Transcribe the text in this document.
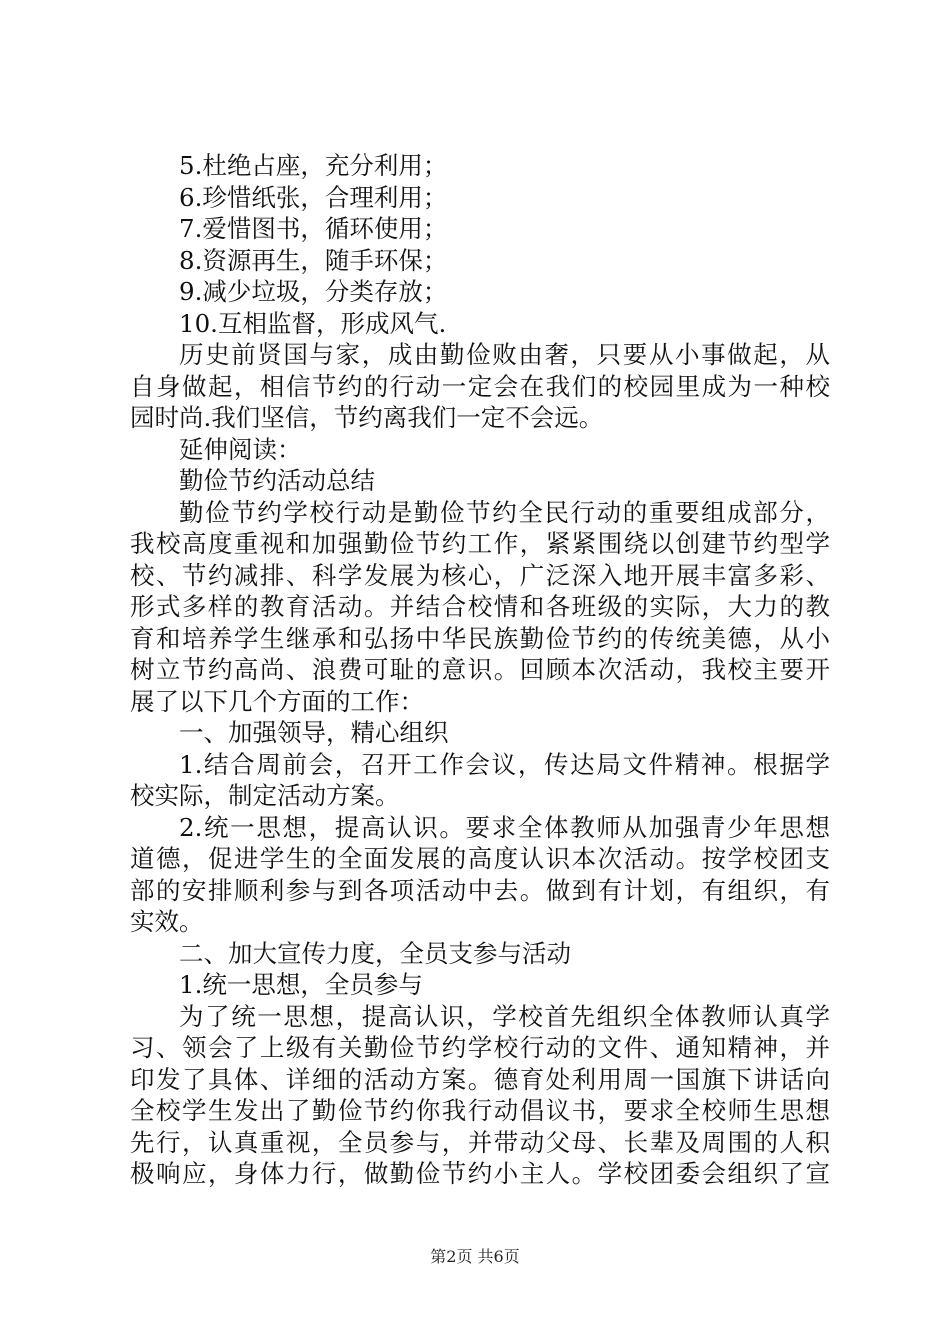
5.杜绝占座，充分利用；
6.珍惜纸张，合理利用；
7.爱惜图书，循环使用；
8.资源再生，随手环保；
9.减少垃圾，分类存放；
10.互相监督，形成风气.
历史前贤国与家，成由勤俭败由奢，只要从小事做起，从
自身做起，相信节约的行动一定会在我们的校园里成为一种校
园时尚.我们坚信，节约离我们一定不会远。
延伸阅读：
勤俭节约活动总结
勤俭节约学校行动是勤俭节约全民行动的重要组成部分，
我校高度重视和加强勤俭节约工作，紧紧围绕以创建节约型学
校、节约减排、科学发展为核心，广泛深入地开展丰富多彩、
形式多样的教育活动。并结合校情和各班级的实际，大力的教
育和培养学生继承和弘扬中华民族勤俭节约的传统美德，从小
树立节约高尚、浪费可耻的意识。回顾本次活动，我校主要开
展了以下几个方面的工作：
一、加强领导，精心组织
1.结合周前会，召开工作会议，传达局文件精神。根据学
校实际，制定活动方案。
2.统一思想，提高认识。要求全体教师从加强青少年思想
道德，促进学生的全面发展的高度认识本次活动。按学校团支
部的安排顺利参与到各项活动中去。做到有计划，有组织，有
实效。
二、加大宣传力度，全员支参与活动
1.统一思想，全员参与
为了统一思想，提高认识，学校首先组织全体教师认真学
习、领会了上级有关勤俭节约学校行动的文件、通知精神，并
印发了具体、详细的活动方案。德育处利用周一国旗下讲话向
全校学生发出了勤俭节约你我行动倡议书，要求全校师生思想
先行，认真重视，全员参与，并带动父母、长辈及周围的人积
极响应，身体力行，做勤俭节约小主人。学校团委会组织了宣
第2页 共6页
